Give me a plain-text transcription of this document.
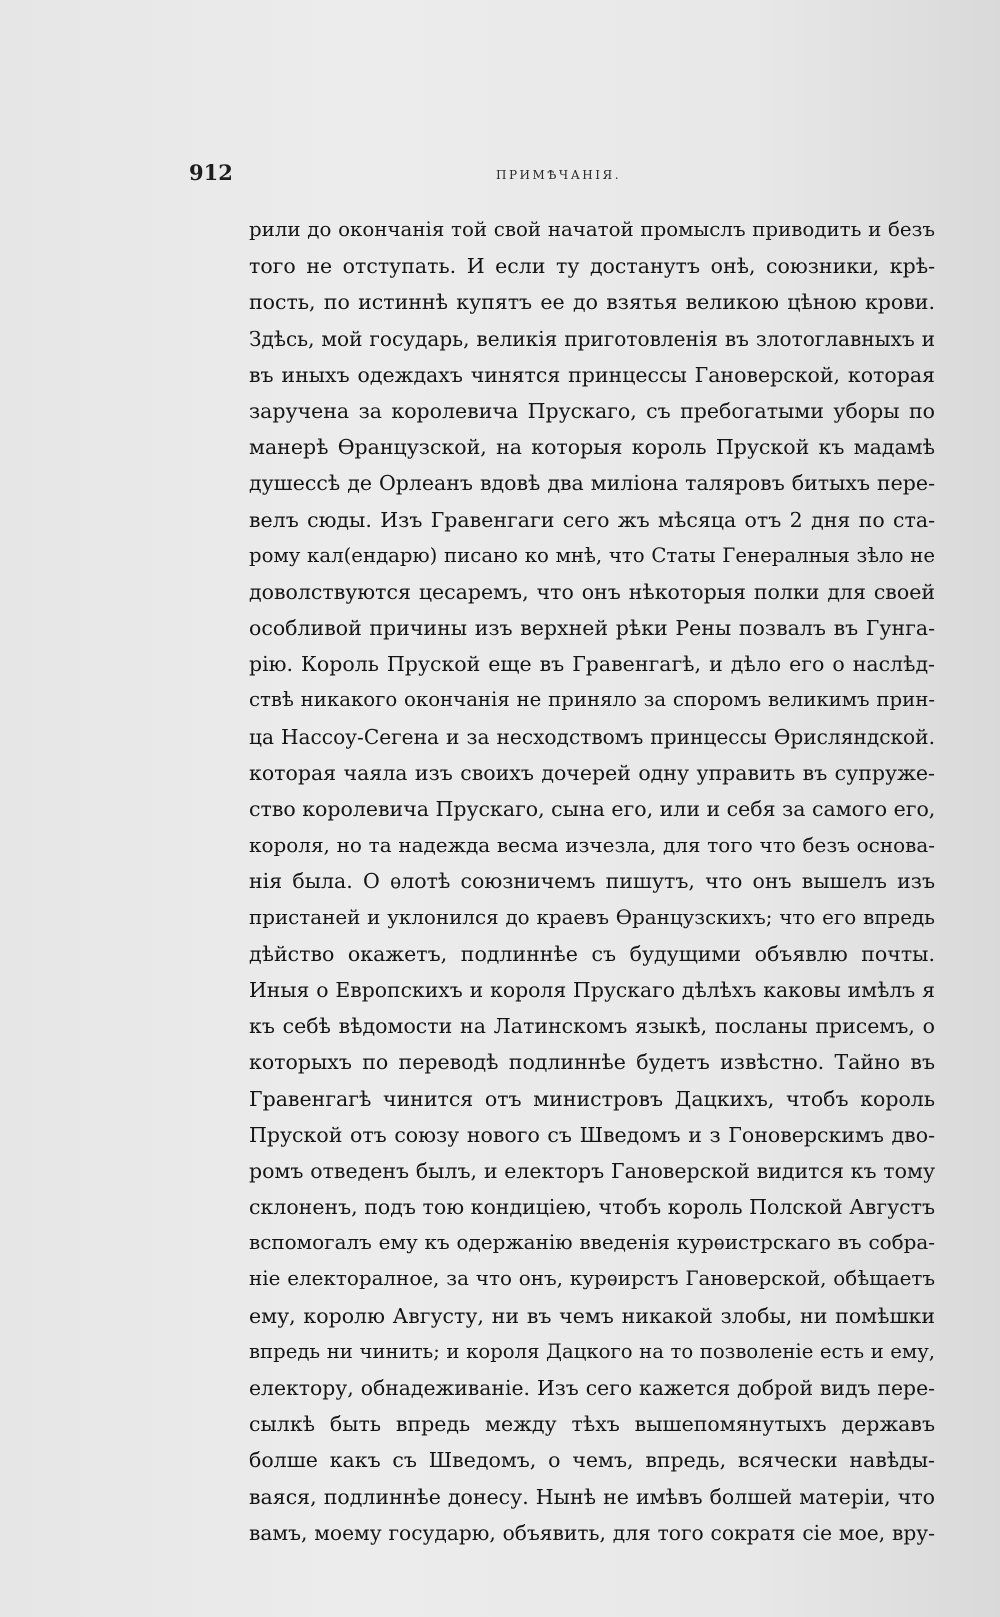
912	ПРИМѢЧАНІЯ.
рили до окончанія той свой начатой промыслъ приводить и безъ
того не отступать. И если ту достанутъ онѣ, союзники, крѣ-
пость, по истиннѣ купятъ ее до взятья великою цѣною крови.
Здѣсь, мой государь, великія приготовленія въ злотоглавныхъ и
въ иныхъ одеждахъ чинятся принцессы Гановерской, которая
заручена за королевича Прускаго, съ пребогатыми уборы по
манерѣ Ѳранцузской, на которыя король Пруской къ мадамѣ
душессѣ де Орлеанъ вдовѣ два миліона таляровъ битыхъ пере-
велъ сюды. Изъ Гравенгаги сего жъ мѣсяца отъ 2 дня по ста-
рому кал(ендарю) писано ко мнѣ, что Статы Генералныя зѣло не
доволствуются цесаремъ, что онъ нѣкоторыя полки для своей
особливой причины изъ верхней рѣки Рены позвалъ въ Гунга-
рію. Король Пруской еще въ Гравенгагѣ, и дѣло его о наслѣд-
ствѣ никакого окончанія не приняло за споромъ великимъ прин-
ца Нассоу-Сегена и за несходствомъ принцессы Ѳрисляндской.
которая чаяла изъ своихъ дочерей одну управить въ супруже-
ство королевича Прускаго, сына его, или и себя за самого его,
короля, но та надежда весма изчезла, для того что безъ основа-
нія была. О ѳлотѣ союзничемъ пишутъ, что онъ вышелъ изъ
пристаней и уклонился до краевъ Ѳранцузскихъ; что его впредь
дѣйство окажетъ, подлиннѣе съ будущими объявлю почты.
Иныя о Европскихъ и короля Прускаго дѣлѣхъ каковы имѣлъ я
къ себѣ вѣдомости на Латинскомъ языкѣ, посланы присемъ, о
которыхъ по переводѣ подлиннѣе будетъ извѣстно. Тайно въ
Гравенгагѣ чинится отъ министровъ Дацкихъ, чтобъ король
Пруской отъ союзу нового съ Шведомъ и з Гоноверскимъ дво-
ромъ отведенъ былъ, и електоръ Гановерской видится къ тому
склоненъ, подъ тою кондиціею, чтобъ король Полской Августъ
вспомогалъ ему къ одержанію введенія курѳистрскаго въ собра-
ніе електоралное, за что онъ, курѳирстъ Гановерской, обѣщаетъ
ему, королю Августу, ни въ чемъ никакой злобы, ни помѣшки
впредь ни чинить; и короля Дацкого на то позволеніе есть и ему,
електору, обнадеживаніе. Изъ сего кажется доброй видъ пере-
сылкѣ быть впредь между тѣхъ вышепомянутыхъ державъ
болше какъ съ Шведомъ, о чемъ, впредь, всячески навѣды-
ваяся, подлиннѣе донесу. Нынѣ не имѣвъ болшей матеріи, что
вамъ, моему государю, объявить, для того сократя сіе мое, вру-
